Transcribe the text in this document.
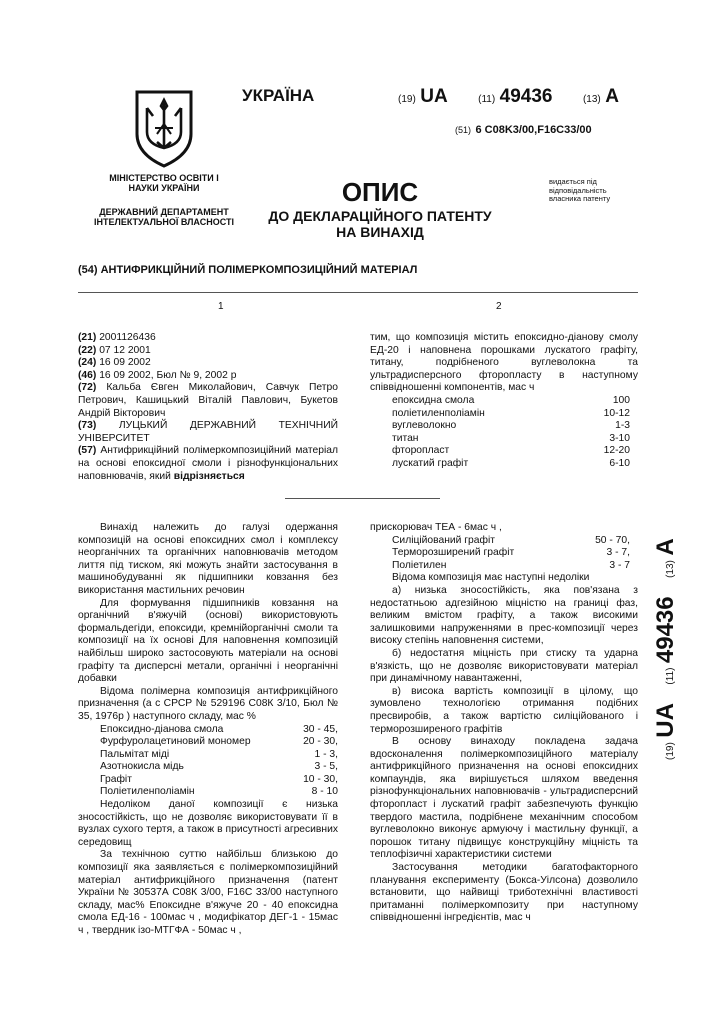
УКРАЇНА	(19) UA	(11) 49436	(13) A
(51) 6 C08K3/00,F16C33/00
МІНІСТЕРСТВО ОСВІТИ І НАУКИ УКРАЇНИ
ДЕРЖАВНИЙ ДЕПАРТАМЕНТ ІНТЕЛЕКТУАЛЬНОЇ ВЛАСНОСТІ
ОПИС
ДО ДЕКЛАРАЦІЙНОГО ПАТЕНТУ
НА ВИНАХІД
видається під відповідальність власника патенту
(54) АНТИФРИКЦІЙНИЙ ПОЛІМЕРКОМПОЗИЦІЙНИЙ МАТЕРІАЛ
1	2
(21) 2001126436
(22) 07 12 2001
(24) 16 09 2002
(46) 16 09 2002, Бюл № 9, 2002 р
(72) Кальба Євген Миколайович, Савчук Петро Петрович, Кашицький Віталій Павлович, Букетов Андрій Вікторович
(73) ЛУЦЬКИЙ ДЕРЖАВНИЙ ТЕХНІЧНИЙ УНІВЕРСИТЕТ
(57) Антифрикційний полімеркомпозиційний матеріал на основі епоксидної смоли і різнофункціональних наповнювачів, який відрізняється

тим, що композиція містить епоксидно-діанову смолу ЕД-20 і наповнена порошками лускатого графіту, титану, подрібненого вуглеволокна та ультрадисперсного фторопласту в наступному співвідношенні компонентів, мас ч

епоксидна смола	100
поліетиленполіамін	10-12
вуглеволокно	1-3
титан	3-10
фторопласт	12-20
лускатий графіт	6-10

Винахід належить до галузі одержання композицій на основі епоксидних смол і комплексу неорганічних та органічних наповнювачів методом лиття під тиском, які можуть знайти застосування в машинобудуванні як підшипники ковзання без використання мастильних речовин

Для формування підшипників ковзання на органічний в'яжучій (основі) використовують формальдегіди, епоксиди, кремнійорганічні смоли та композиції на їх основі Для наповнення композицій найбільш широко застосовують матеріали на основі графіту та дисперсні метали, органічні і неорганічні добавки

Відома полімерна композиція антифрикційного призначення (а с СРСР № 529196 С08К 3/10, Бюл № 35, 1976р ) наступного складу, мас %

Епоксидно-діанова смола	30 - 45,
Фурфуролацетиновий мономер	20 - 30,
Пальмітат міді	1 - 3,
Азотнокисла мідь	3 - 5,
Графіт	10 - 30,
Поліетиленполіамін	8 - 10

Недоліком даної композиції є низька зносостійкість, що не дозволяє використовувати її в вузлах сухого тертя, а також в присутності агресивних середовищ

За технічною суттю найбільш близькою до композиції яка заявляється є полімеркомпозиційний матеріал антифрикційного призначення (патент України № 30537А С08К 3/00, F16C 33/00 наступного складу, мас% Епоксидне в'яжуче 20 - 40 епоксидна смола ЕД-16 - 100мас ч , модифікатор ДЕГ-1 - 15мас ч , твердник ізо-МТГФА - 50мас ч ,

прискорювач ТЕА - 6мас ч ,

Силіційований графіт	50 - 70,
Терморозширений графіт	3 - 7,
Поліетилен	3 - 7

Відома композиція має наступні недоліки

а) низька зносостійкість, яка пов'язана з недостатньою адгезійною міцністю на границі фаз, великим вмістом графіту, а також високими залишковими напруженнями в прес-композиції через високу степінь наповнення системи,

б) недостатня міцність при стиску та ударна в'язкість, що не дозволяє використовувати матеріал при динамічному навантаженні,

в) висока вартість композиції в цілому, що зумовлено технологією отримання подібних пресвиробів, а також вартістю силіційованого і терморозширеного графітів

В основу винаходу покладена задача вдосконалення полімеркомпозиційного матеріалу антифрикційного призначення на основі епоксидних компаундів, яка вирішується шляхом введення різнофункціональних наповнювачів - ультрадисперсний фторопласт і лускатий графіт забезпечують функцію твердого мастила, подрібнене механічним способом вуглеволокно виконує армуючу і мастильну функції, а порошок титану підвищує конструкційну міцність та теплофізичні характеристики системи

Застосування методики багатофакторного планування експерименту (Бокса-Уілсона) дозволило встановити, що найвищі триботехнічні властивості притаманні полімеркомпозиту при наступному співвідношенні інгредієнтів, мас ч

(19) UA (11) 49436 (13) A
